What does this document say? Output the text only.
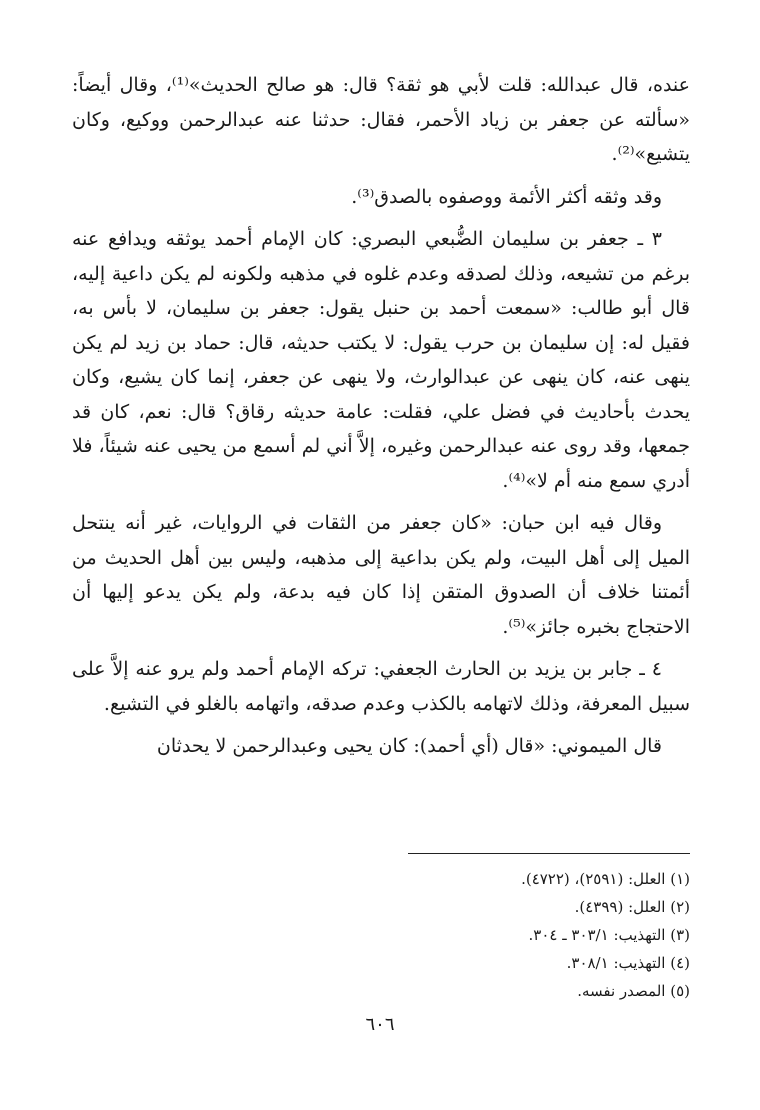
عنده، قال عبدالله: قلت لأبي هو ثقة؟ قال: هو صالح الحديث»⁽¹⁾، وقال أيضاً: «سألته عن جعفر بن زياد الأحمر، فقال: حدثنا عنه عبدالرحمن ووكيع، وكان يتشيع»⁽²⁾.

وقد وثقه أكثر الأئمة ووصفوه بالصدق⁽³⁾.

٣ ـ جعفر بن سليمان الضُّبعي البصري: كان الإمام أحمد يوثقه ويدافع عنه برغم من تشيعه، وذلك لصدقه وعدم غلوه في مذهبه ولكونه لم يكن داعية إليه، قال أبو طالب: «سمعت أحمد بن حنبل يقول: جعفر بن سليمان، لا بأس به، فقيل له: إن سليمان بن حرب يقول: لا يكتب حديثه، قال: حماد بن زيد لم يكن ينهى عنه، كان ينهى عن عبدالوارث، ولا ينهى عن جعفر، إنما كان يشيع، وكان يحدث بأحاديث في فضل علي، فقلت: عامة حديثه رقاق؟ قال: نعم، كان قد جمعها، وقد روى عنه عبدالرحمن وغيره، إلاَّ أني لم أسمع من يحيى عنه شيئاً، فلا أدري سمع منه أم لا»⁽⁴⁾.

وقال فيه ابن حبان: «كان جعفر من الثقات في الروايات، غير أنه ينتحل الميل إلى أهل البيت، ولم يكن بداعية إلى مذهبه، وليس بين أهل الحديث من أئمتنا خلاف أن الصدوق المتقن إذا كان فيه بدعة، ولم يكن يدعو إليها أن الاحتجاج بخبره جائز»⁽⁵⁾.

٤ ـ جابر بن يزيد بن الحارث الجعفي: تركه الإمام أحمد ولم يرو عنه إلاَّ على سبيل المعرفة، وذلك لاتهامه بالكذب وعدم صدقه، واتهامه بالغلو في التشيع.

قال الميموني: «قال (أي أحمد): كان يحيى وعبدالرحمن لا يحدثان

(١) العلل: (٢٥٩١)، (٤٧٢٢).

(٢) العلل: (٤٣٩٩).

(٣) التهذيب: ٣٠٣/١ ـ ٣٠٤.

(٤) التهذيب: ٣٠٨/١.

(٥) المصدر نفسه.

٦٠٦
